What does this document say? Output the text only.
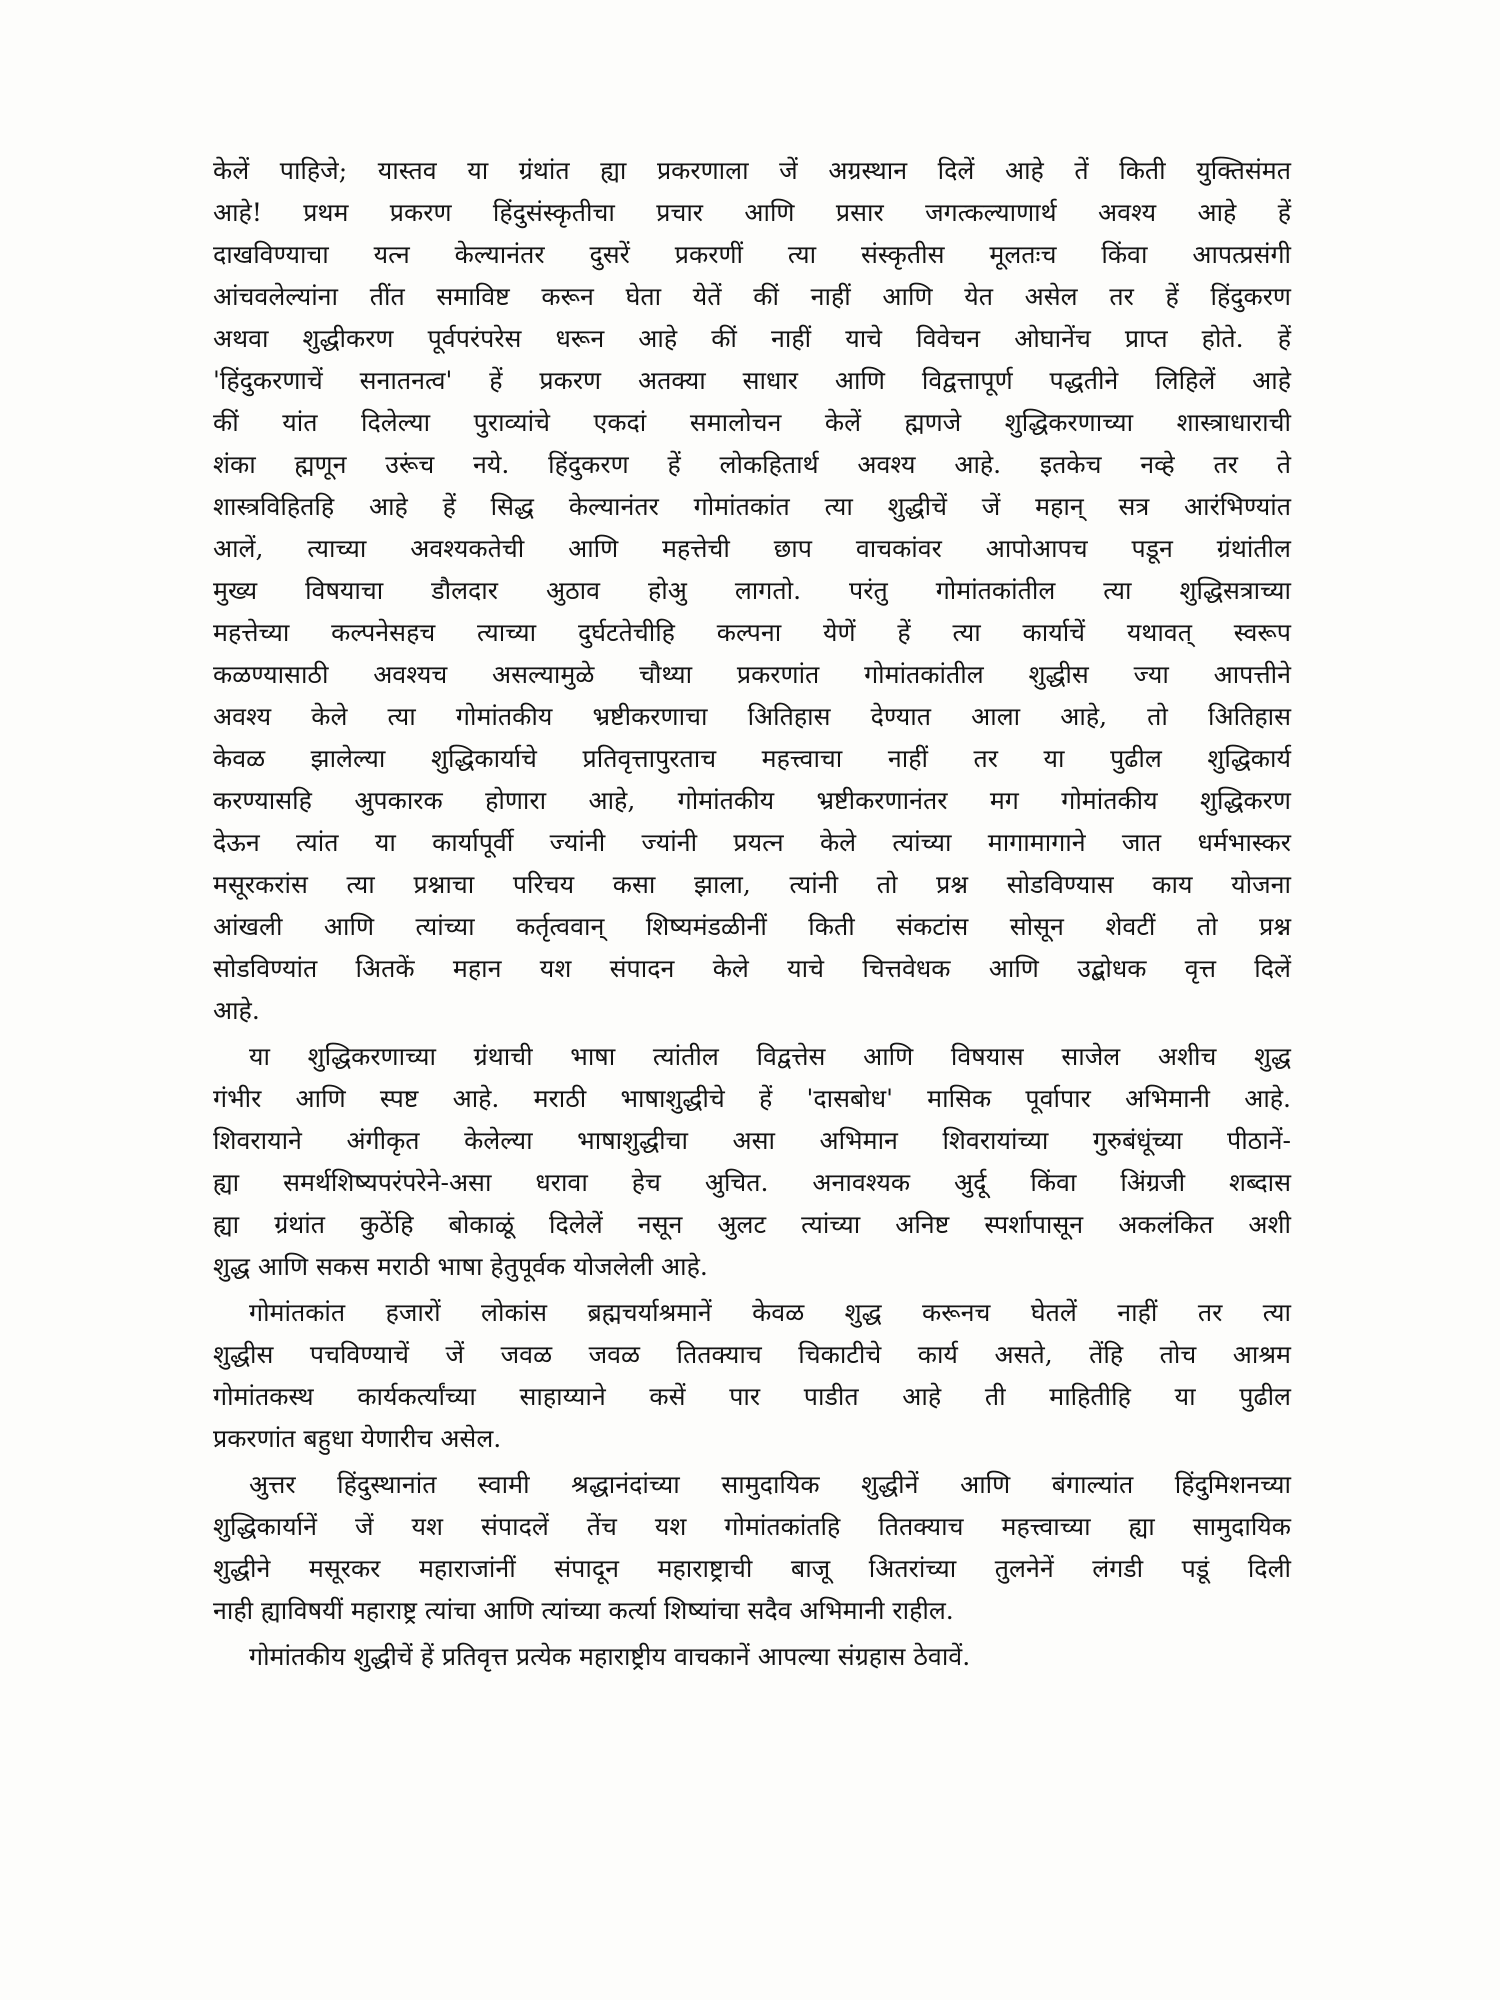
केलें पाहिजे; यास्तव या ग्रंथांत ह्या प्रकरणाला जें अग्रस्थान दिलें आहे तें किती युक्तिसंमत
आहे! प्रथम प्रकरण हिंदुसंस्कृतीचा प्रचार आणि प्रसार जगत्कल्याणार्थ अवश्य आहे हें
दाखविण्याचा यत्न केल्यानंतर दुसरें प्रकरणीं त्या संस्कृतीस मूलतःच किंवा आपत्प्रसंगी
आंचवलेल्यांना तींत समाविष्ट करून घेता येतें कीं नाहीं आणि येत असेल तर हें हिंदुकरण
अथवा शुद्धीकरण पूर्वपरंपरेस धरून आहे कीं नाहीं याचे विवेचन ओघानेंच प्राप्त होते. हें
'हिंदुकरणाचें सनातनत्व' हें प्रकरण अतक्या साधार आणि विद्वत्तापूर्ण पद्धतीने लिहिलें आहे
कीं यांत दिलेल्या पुराव्यांचे एकदां समालोचन केलें ह्मणजे शुद्धिकरणाच्या शास्त्राधाराची
शंका ह्मणून उरूंच नये. हिंदुकरण हें लोकहितार्थ अवश्य आहे. इतकेच नव्हे तर ते
शास्त्रविहितहि आहे हें सिद्ध केल्यानंतर गोमांतकांत त्या शुद्धीचें जें महान् सत्र आरंभिण्यांत
आलें, त्याच्या अवश्यकतेची आणि महत्तेची छाप वाचकांवर आपोआपच पडून ग्रंथांतील
मुख्य विषयाचा डौलदार अुठाव होअु लागतो. परंतु गोमांतकांतील त्या शुद्धिसत्राच्या
महत्तेच्या कल्पनेसहच त्याच्या दुर्घटतेचीहि कल्पना येणें हें त्या कार्याचें यथावत् स्वरूप
कळण्यासाठी अवश्यच असल्यामुळे चौथ्या प्रकरणांत गोमांतकांतील शुद्धीस ज्या आपत्तीने
अवश्य केले त्या गोमांतकीय भ्रष्टीकरणाचा अितिहास देण्यात आला आहे, तो अितिहास
केवळ झालेल्या शुद्धिकार्याचे प्रतिवृत्तापुरताच महत्त्वाचा नाहीं तर या पुढील शुद्धिकार्य
करण्यासहि अुपकारक होणारा आहे, गोमांतकीय भ्रष्टीकरणानंतर मग गोमांतकीय शुद्धिकरण
देऊन त्यांत या कार्यापूर्वी ज्यांनी ज्यांनी प्रयत्न केले त्यांच्या मागामागाने जात धर्मभास्कर
मसूरकरांस त्या प्रश्नाचा परिचय कसा झाला, त्यांनी तो प्रश्न सोडविण्यास काय योजना
आंखली आणि त्यांच्या कर्तृत्ववान् शिष्यमंडळीनीं किती संकटांस सोसून शेवटीं तो प्रश्न
सोडविण्यांत अितकें महान यश संपादन केले याचे चित्तवेधक आणि उद्बोधक वृत्त दिलें
आहे.
या शुद्धिकरणाच्या ग्रंथाची भाषा त्यांतील विद्वत्तेस आणि विषयास साजेल अशीच शुद्ध
गंभीर आणि स्पष्ट आहे. मराठी भाषाशुद्धीचे हें 'दासबोध' मासिक पूर्वापार अभिमानी आहे.
शिवरायाने अंगीकृत केलेल्या भाषाशुद्धीचा असा अभिमान शिवरायांच्या गुरुबंधूंच्या पीठानें-
ह्या समर्थशिष्यपरंपरेने-असा धरावा हेच अुचित. अनावश्यक अुर्दू किंवा अिंग्रजी शब्दास
ह्या ग्रंथांत कुठेंहि बोकाळूं दिलेलें नसून अुलट त्यांच्या अनिष्ट स्पर्शापासून अकलंकित अशी
शुद्ध आणि सकस मराठी भाषा हेतुपूर्वक योजलेली आहे.
गोमांतकांत हजारों लोकांस ब्रह्मचर्याश्रमानें केवळ शुद्ध करूनच घेतलें नाहीं तर त्या
शुद्धीस पचविण्याचें जें जवळ जवळ तितक्याच चिकाटीचे कार्य असते, तेंहि तोच आश्रम
गोमांतकस्थ कार्यकर्त्यांच्या साहाय्याने कसें पार पाडीत आहे ती माहितीहि या पुढील
प्रकरणांत बहुधा येणारीच असेल.
अुत्तर हिंदुस्थानांत स्वामी श्रद्धानंदांच्या सामुदायिक शुद्धीनें आणि बंगाल्यांत हिंदुमिशनच्या
शुद्धिकार्यानें जें यश संपादलें तेंच यश गोमांतकांतहि तितक्याच महत्त्वाच्या ह्या सामुदायिक
शुद्धीने मसूरकर महाराजांनीं संपादून महाराष्ट्राची बाजू अितरांच्या तुलनेनें लंगडी पडूं दिली
नाही ह्याविषयीं महाराष्ट्र त्यांचा आणि त्यांच्या कर्त्या शिष्यांचा सदैव अभिमानी राहील.
गोमांतकीय शुद्धीचें हें प्रतिवृत्त प्रत्येक महाराष्ट्रीय वाचकानें आपल्या संग्रहास ठेवावें.
